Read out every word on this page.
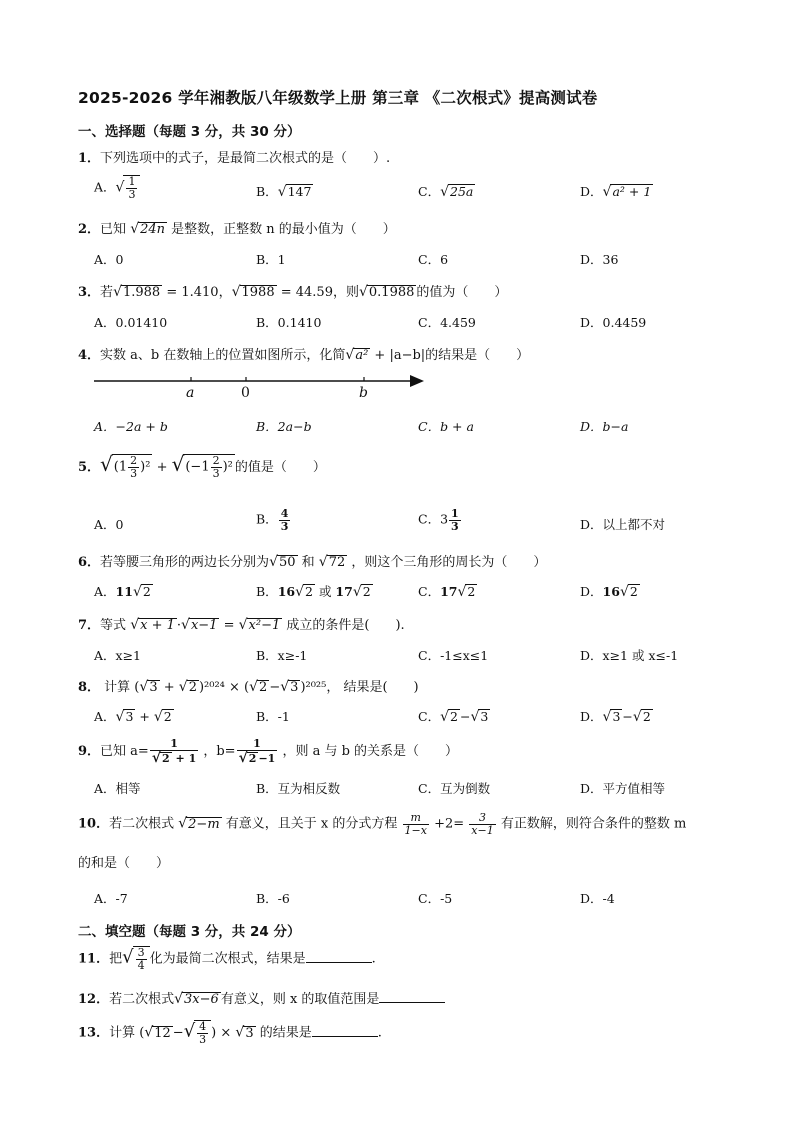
2025-2026 学年湘教版八年级数学上册 第三章 《二次根式》提高测试卷
一、选择题（每题 3 分，共 30 分）
1．下列选项中的式子，是最简二次根式的是（　　）.
A．√ $\frac{1}{3}$	B．√147	C．√25a	D．√a² + 1
2．已知 √24n 是整数，正整数 n 的最小值为（　　）
A．0	B．1	C．6	D．36
3．若√1.988 = 1.410，√1988 = 44.59，则√0.1988 的值为（　　）
A．0.01410	B．0.1410	C．4.459	D．0.4459
4．实数 a、b 在数轴上的位置如图所示，化简√a² + |a−b|的结果是（　　）
a	0	b
A．−2a + b	B．2a−b	C．b + a	D．b−a
5．$√(1 \frac{2}{3} )^2 + √(-1 \frac{2}{3} )^2$ 的值是（　　）
A．0	B． $\frac{4}{3}$	C．$3 \frac{1}{3}$	D．以上都不对
6．若等腰三角形的两边长分别为√50 和 √72 ，则这个三角形的周长为（　　）
A．11√2	B．16√2 或 17√2	C．17√2	D．16√2
7．等式 √x + 1 ·√x−1 = √x²−1 成立的条件是(　　).
A．x≥1	B．x≥-1	C．-1≤x≤1	D．x≥1 或 x≤-1
8． 计算 (√3 + √2 )²⁰²⁴ × (√2 −√3 )²⁰²⁵， 结果是(　　)
A．√3 + √2	B．-1	C．√2 −√3	D．√3 −√2
9．已知 $a= \frac{1}{√2 + 1}$ ，$b= \frac{1}{√2 -1}$ ，则 a 与 b 的关系是（　　）
A．相等	B．互为相反数	C．互为倒数	D．平方值相等
10．若二次根式 √2−m 有意义，且关于 x 的分式方程 $\frac{m}{1-x} +2= \frac{3}{x-1}$ 有正数解，则符合条件的整数 m
的和是（　　）
A．-7	B．-6	C．-5	D．-4
二、填空题（每题 3 分，共 24 分）
11．把√ $\frac{3}{4}$ 化为最简二次根式，结果是	.
12．若二次根式√3x−6 有意义，则 x 的取值范围是
13．计算 (√12 −√ $\frac{4}{3}$ ) × √3 的结果是	.
